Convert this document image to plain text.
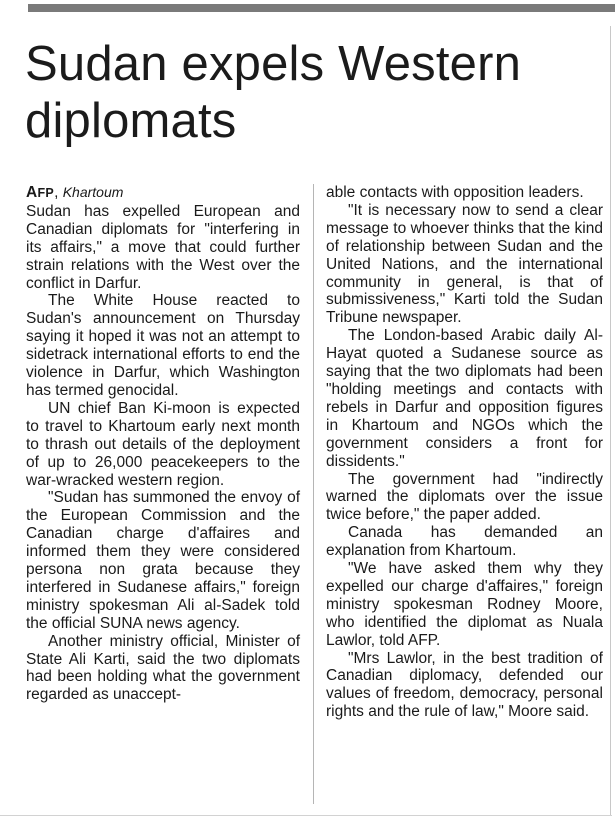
Sudan expels Western diplomats

AFP, Khartoum

Sudan has expelled European and Canadian diplomats for "interfering in its affairs," a move that could further strain relations with the West over the conflict in Darfur.

The White House reacted to Sudan's announcement on Thursday saying it hoped it was not an attempt to sidetrack international efforts to end the violence in Darfur, which Washington has termed genocidal.

UN chief Ban Ki-moon is expected to travel to Khartoum early next month to thrash out details of the deployment of up to 26,000 peacekeepers to the war-wracked western region.

"Sudan has summoned the envoy of the European Commission and the Canadian charge d'affaires and informed them they were considered persona non grata because they interfered in Sudanese affairs," foreign ministry spokesman Ali al-Sadek told the official SUNA news agency.

Another ministry official, Minister of State Ali Karti, said the two diplomats had been holding what the government regarded as unaccept-

able contacts with opposition leaders.

"It is necessary now to send a clear message to whoever thinks that the kind of relationship between Sudan and the United Nations, and the international community in general, is that of submissiveness," Karti told the Sudan Tribune newspaper.

The London-based Arabic daily Al-Hayat quoted a Sudanese source as saying that the two diplomats had been "holding meetings and contacts with rebels in Darfur and opposition figures in Khartoum and NGOs which the government considers a front for dissidents."

The government had "indirectly warned the diplomats over the issue twice before," the paper added.

Canada has demanded an explanation from Khartoum.

"We have asked them why they expelled our charge d'affaires," foreign ministry spokesman Rodney Moore, who identified the diplomat as Nuala Lawlor, told AFP.

"Mrs Lawlor, in the best tradition of Canadian diplomacy, defended our values of freedom, democracy, personal rights and the rule of law," Moore said.
